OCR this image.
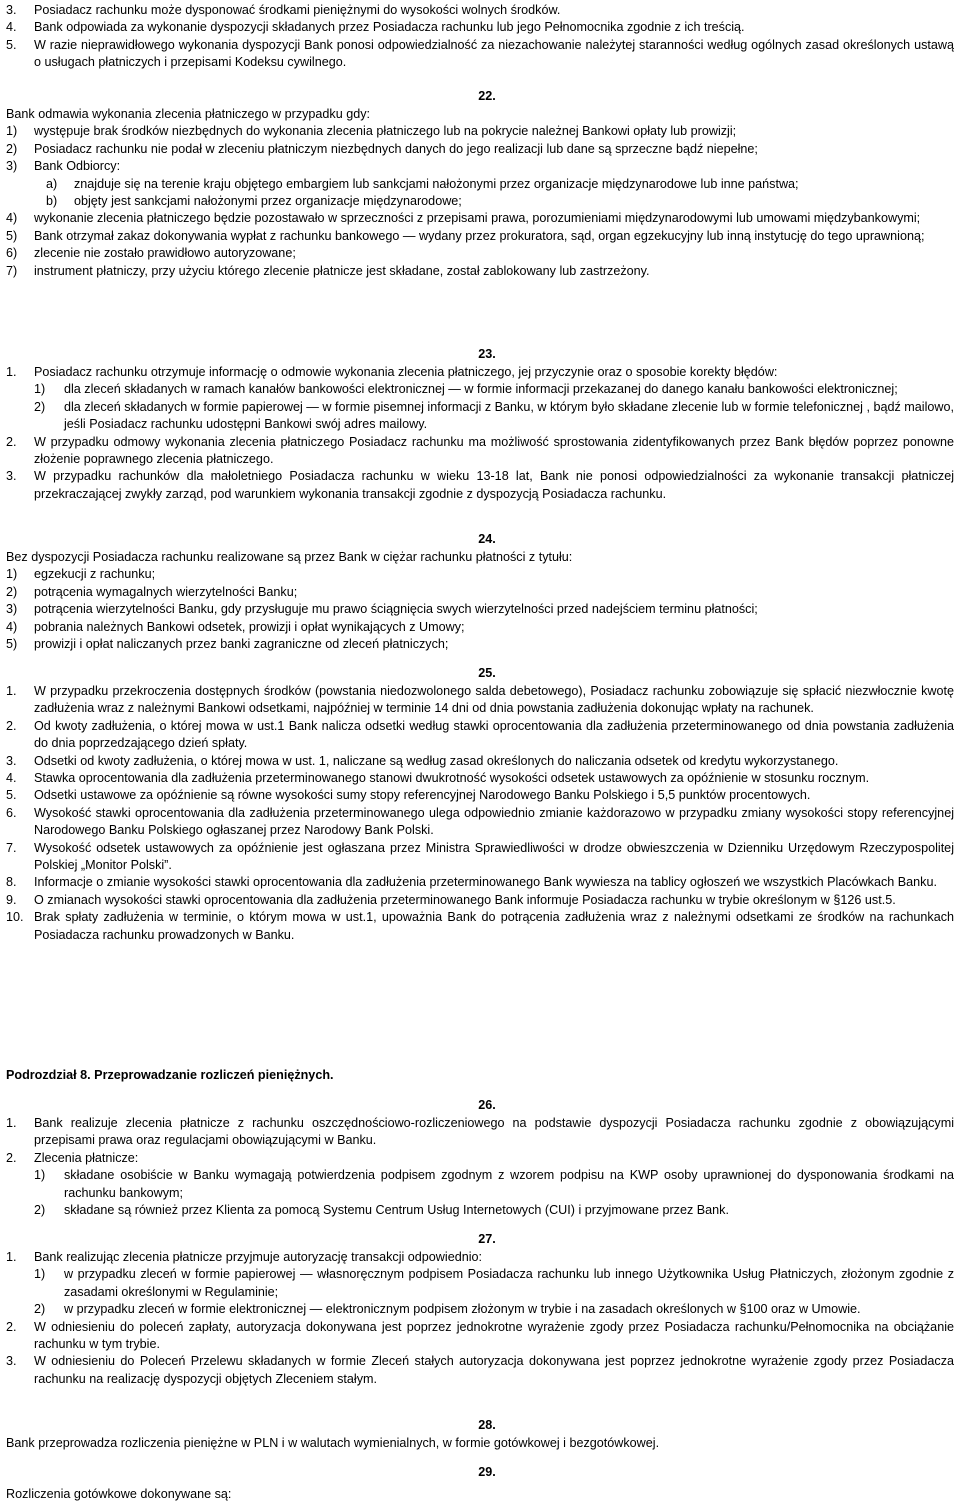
3.	Posiadacz rachunku może dysponować środkami pieniężnymi do wysokości wolnych środków.
4.	Bank odpowiada za wykonanie dyspozycji składanych przez Posiadacza rachunku lub jego Pełnomocnika zgodnie z ich treścią.
5.	W razie nieprawidłowego wykonania dyspozycji Bank ponosi odpowiedzialność za niezachowanie należytej staranności według ogólnych zasad określonych ustawą o usługach płatniczych i przepisami Kodeksu cywilnego.
22.
Bank odmawia wykonania zlecenia płatniczego w przypadku gdy:
1)	występuje brak środków niezbędnych do wykonania zlecenia płatniczego lub na pokrycie należnej Bankowi opłaty lub prowizji;
2)	Posiadacz rachunku nie podał w zleceniu płatniczym niezbędnych danych do jego realizacji lub dane są sprzeczne bądź niepełne;
3)	Bank Odbiorcy:
a)	znajduje się na terenie kraju objętego embargiem lub sankcjami nałożonymi przez organizacje międzynarodowe lub inne państwa;
b)	objęty jest sankcjami nałożonymi przez organizacje międzynarodowe;
4)	wykonanie zlecenia płatniczego będzie pozostawało w sprzeczności z przepisami prawa, porozumieniami międzynarodowymi lub umowami międzybankowymi;
5)	Bank otrzymał zakaz dokonywania wypłat z rachunku bankowego — wydany przez prokuratora, sąd, organ egzekucyjny lub inną instytucję do tego uprawnioną;
6)	zlecenie nie zostało prawidłowo autoryzowane;
7)	instrument płatniczy, przy użyciu którego zlecenie płatnicze jest składane, został zablokowany lub zastrzeżony.
23.
1.	Posiadacz rachunku otrzymuje informację o odmowie wykonania zlecenia płatniczego, jej przyczynie oraz o sposobie korekty błędów:
1)	dla zleceń składanych w ramach kanałów bankowości elektronicznej — w formie informacji przekazanej do danego kanału bankowości elektronicznej;
2)	dla zleceń składanych w formie papierowej — w formie pisemnej informacji z Banku, w którym było składane zlecenie lub w formie telefonicznej , bądź mailowo, jeśli Posiadacz rachunku udostępni Bankowi swój adres mailowy.
2.	W przypadku odmowy wykonania zlecenia płatniczego Posiadacz rachunku ma możliwość sprostowania zidentyfikowanych przez Bank błędów poprzez ponowne złożenie poprawnego zlecenia płatniczego.
3.	W przypadku rachunków dla małoletniego Posiadacza rachunku w wieku 13-18 lat, Bank nie ponosi odpowiedzialności za wykonanie transakcji płatniczej przekraczającej zwykły zarząd, pod warunkiem wykonania transakcji zgodnie z dyspozycją Posiadacza rachunku.
24.
Bez dyspozycji Posiadacza rachunku realizowane są przez Bank w ciężar rachunku płatności z tytułu:
1)	egzekucji z rachunku;
2)	potrącenia wymagalnych wierzytelności Banku;
3)	potrącenia wierzytelności Banku, gdy przysługuje mu prawo ściągnięcia swych wierzytelności przed nadejściem terminu płatności;
4)	pobrania należnych Bankowi odsetek, prowizji i opłat wynikających z Umowy;
5)	prowizji i opłat naliczanych przez banki zagraniczne od zleceń płatniczych;
25.
1.	W przypadku przekroczenia dostępnych środków (powstania niedozwolonego salda debetowego), Posiadacz rachunku zobowiązuje się spłacić niezwłocznie kwotę zadłużenia wraz z należnymi Bankowi odsetkami, najpóźniej w terminie 14 dni od dnia powstania zadłużenia dokonując wpłaty na rachunek.
2.	Od kwoty zadłużenia, o której mowa w ust.1 Bank nalicza odsetki według stawki oprocentowania dla zadłużenia przeterminowanego od dnia powstania zadłużenia do dnia poprzedzającego dzień spłaty.
3.	Odsetki od kwoty zadłużenia, o której mowa w ust. 1, naliczane są według zasad określonych do naliczania odsetek od kredytu wykorzystanego.
4.	Stawka oprocentowania dla zadłużenia przeterminowanego stanowi dwukrotność wysokości odsetek ustawowych za opóźnienie w stosunku rocznym.
5.	Odsetki ustawowe za opóźnienie są równe wysokości sumy stopy referencyjnej Narodowego Banku Polskiego i 5,5 punktów procentowych.
6.	Wysokość stawki oprocentowania dla zadłużenia przeterminowanego ulega odpowiednio zmianie każdorazowo w przypadku zmiany wysokości stopy referencyjnej Narodowego Banku Polskiego ogłaszanej przez Narodowy Bank Polski.
7.	Wysokość odsetek ustawowych za opóźnienie jest ogłaszana przez Ministra Sprawiedliwości w drodze obwieszczenia w Dzienniku Urzędowym Rzeczypospolitej Polskiej „Monitor Polski”.
8.	Informacje o zmianie wysokości stawki oprocentowania dla zadłużenia przeterminowanego Bank wywiesza na tablicy ogłoszeń we wszystkich Placówkach Banku.
9.	O zmianach wysokości stawki oprocentowania dla zadłużenia przeterminowanego Bank informuje Posiadacza rachunku w trybie określonym w §126 ust.5.
10. Brak spłaty zadłużenia w terminie, o którym mowa w ust.1, upoważnia Bank do potrącenia zadłużenia wraz z należnymi odsetkami ze środków na rachunkach Posiadacza rachunku prowadzonych w Banku.
Podrozdział 8. Przeprowadzanie rozliczeń pieniężnych.
26.
1.	Bank realizuje zlecenia płatnicze z rachunku oszczędnościowo-rozliczeniowego na podstawie dyspozycji Posiadacza rachunku zgodnie z obowiązującymi przepisami prawa oraz regulacjami obowiązującymi w Banku.
2.	Zlecenia płatnicze:
1)	składane osobiście w Banku wymagają potwierdzenia podpisem zgodnym z wzorem podpisu na KWP osoby uprawnionej do dysponowania środkami na rachunku bankowym;
2)	składane są również przez Klienta za pomocą Systemu Centrum Usług Internetowych (CUI) i przyjmowane przez Bank.
27.
1.	Bank realizując zlecenia płatnicze przyjmuje autoryzację transakcji odpowiednio:
1)	w przypadku zleceń w formie papierowej — własnoręcznym podpisem Posiadacza rachunku lub innego Użytkownika Usług Płatniczych, złożonym zgodnie z zasadami określonymi w Regulaminie;
2)	w przypadku zleceń w formie elektronicznej — elektronicznym podpisem złożonym w trybie i na zasadach określonych w §100 oraz w Umowie.
2.	W odniesieniu do poleceń zapłaty, autoryzacja dokonywana jest poprzez jednokrotne wyrażenie zgody przez Posiadacza rachunku/Pełnomocnika na obciążanie rachunku w tym trybie.
3.	W odniesieniu do Poleceń Przelewu składanych w formie Zleceń stałych autoryzacja dokonywana jest poprzez jednokrotne wyrażenie zgody przez Posiadacza rachunku na realizację dyspozycji objętych Zleceniem stałym.
28.
Bank przeprowadza rozliczenia pieniężne w PLN i w walutach wymienialnych, w formie gotówkowej i bezgotówkowej.
29.
Rozliczenia gotówkowe dokonywane są:
